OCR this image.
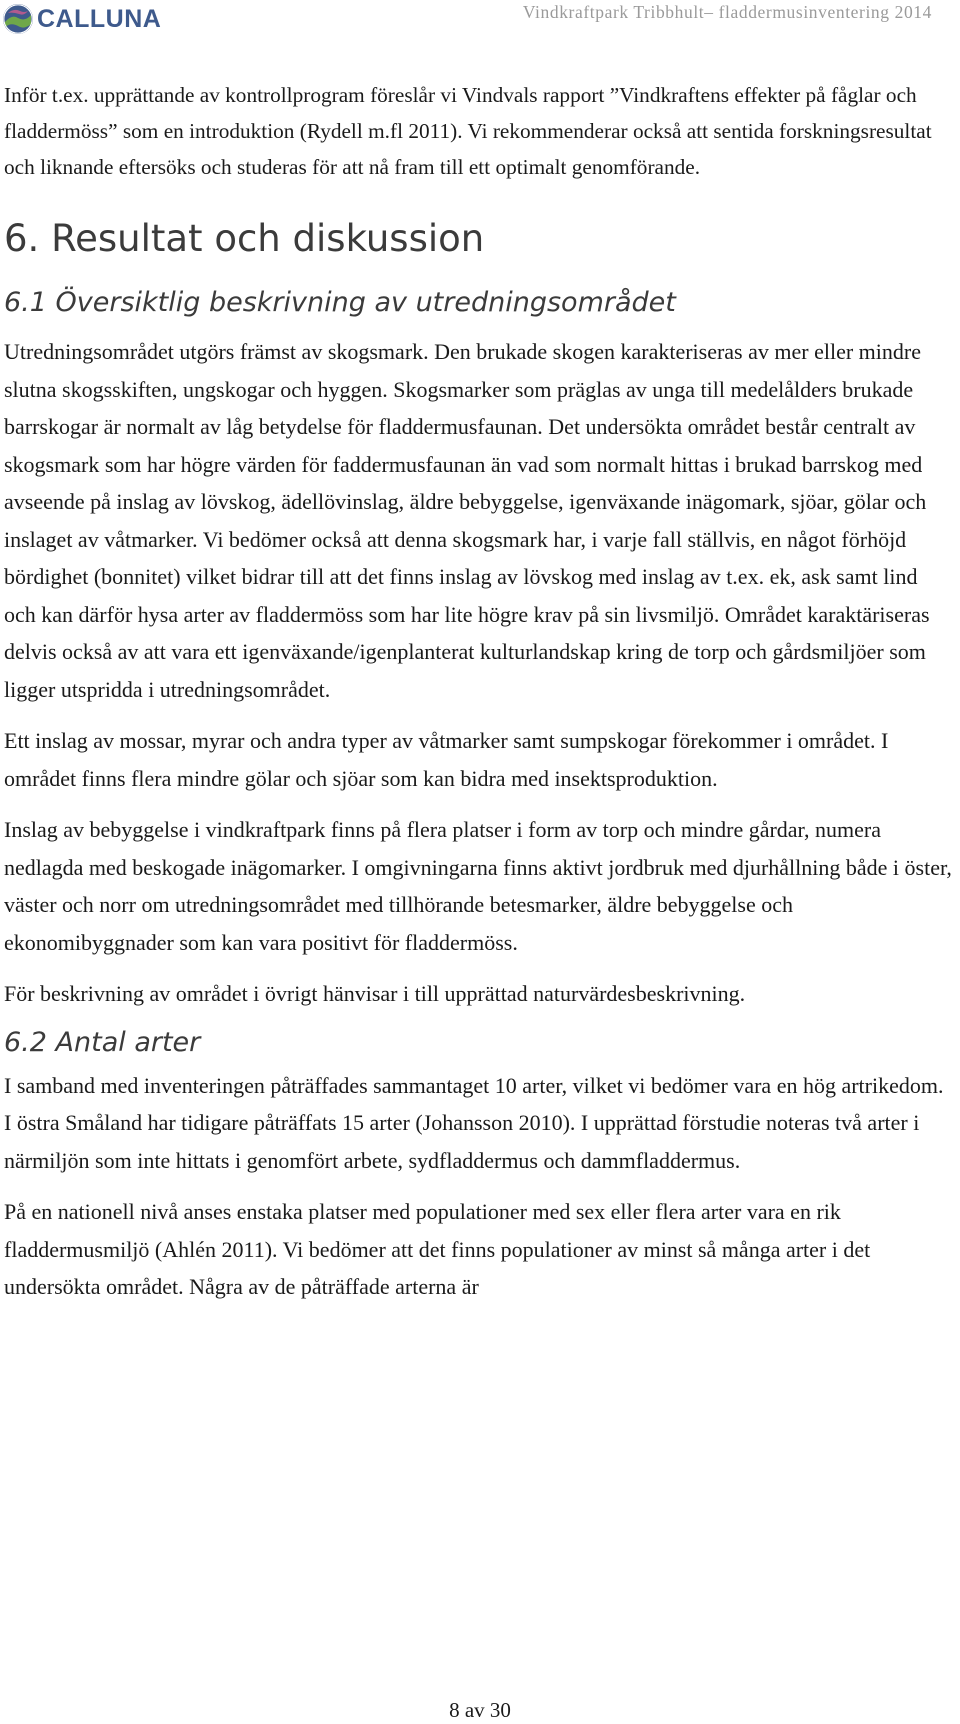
CALLUNA	Vindkraftpark Tribbhult– fladdermusinventering 2014

Inför t.ex. upprättande av kontrollprogram föreslår vi Vindvals rapport ”Vindkraftens effekter på fåglar och fladdermöss” som en introduktion (Rydell m.fl 2011). Vi rekommenderar också att sentida forskningsresultat och liknande eftersöks och studeras för att nå fram till ett optimalt genomförande.

6. Resultat och diskussion
6.1 Översiktlig beskrivning av utredningsområdet

Utredningsområdet utgörs främst av skogsmark. Den brukade skogen karakteriseras av mer eller mindre slutna skogsskiften, ungskogar och hyggen. Skogsmarker som präglas av unga till medelålders brukade barrskogar är normalt av låg betydelse för fladdermusfaunan. Det undersökta området består centralt av skogsmark som har högre värden för faddermusfaunan än vad som normalt hittas i brukad barrskog med avseende på inslag av lövskog, ädellövinslag, äldre bebyggelse, igenväxande inägomark, sjöar, gölar och inslaget av våtmarker. Vi bedömer också att denna skogsmark har, i varje fall ställvis, en något förhöjd bördighet (bonnitet) vilket bidrar till att det finns inslag av lövskog med inslag av t.ex. ek, ask samt lind och kan därför hysa arter av fladdermöss som har lite högre krav på sin livsmiljö. Området karaktäriseras delvis också av att vara ett igenväxande/igenplanterat kulturlandskap kring de torp och gårdsmiljöer som ligger utspridda i utredningsområdet.

Ett inslag av mossar, myrar och andra typer av våtmarker samt sumpskogar förekommer i området. I området finns flera mindre gölar och sjöar som kan bidra med insektsproduktion.

Inslag av bebyggelse i vindkraftpark finns på flera platser i form av torp och mindre gårdar, numera nedlagda med beskogade inägomarker. I omgivningarna finns aktivt jordbruk med djurhållning både i öster, väster och norr om utredningsområdet med tillhörande betesmarker, äldre bebyggelse och ekonomibyggnader som kan vara positivt för fladdermöss.

För beskrivning av området i övrigt hänvisar i till upprättad naturvärdesbeskrivning.

6.2 Antal arter

I samband med inventeringen påträffades sammantaget 10 arter, vilket vi bedömer vara en hög artrikedom. I östra Småland har tidigare påträffats 15 arter (Johansson 2010). I upprättad förstudie noteras två arter i närmiljön som inte hittats i genomfört arbete, sydfladdermus och dammfladdermus.

På en nationell nivå anses enstaka platser med populationer med sex eller flera arter vara en rik fladdermusmiljö (Ahlén 2011). Vi bedömer att det finns populationer av minst så många arter i det undersökta området. Några av de påträffade arterna är

8 av 30
